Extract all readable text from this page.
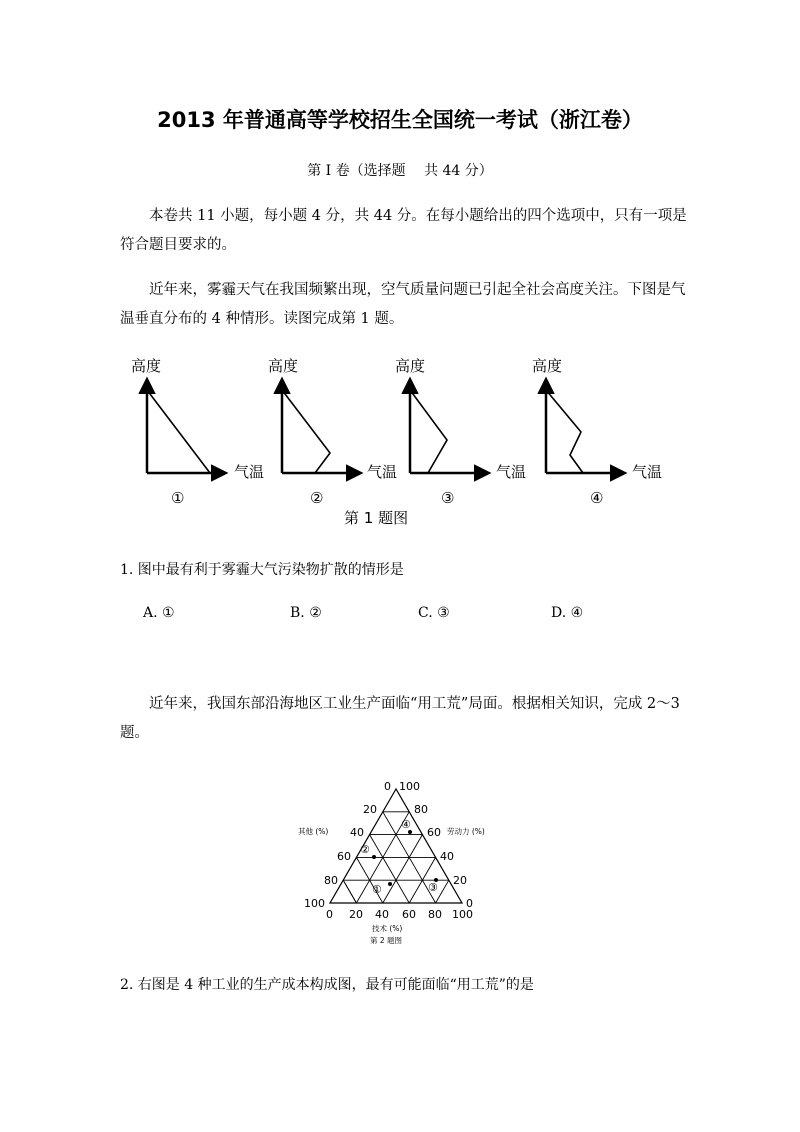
2013 年普通高等学校招生全国统一考试（浙江卷）
第 I 卷（选择题　 共 44 分）
本卷共 11 小题，每小题 4 分，共 44 分。在每小题给出的四个选项中，只有一项是符合题目要求的。
近年来，雾霾天气在我国频繁出现，空气质量问题已引起全社会高度关注。下图是气温垂直分布的 4 种情形。读图完成第 1 题。
高度
气温
①
高度
气温
②
高度
气温
③
高度
气温
④
第 1 题图
1. 图中最有利于雾霾大气污染物扩散的情形是
A. ①	B. ②	C. ③	D. ④
近年来，我国东部沿海地区工业生产面临“用工荒”局面。根据相关知识，完成 2～3 题。
①
②
③
④
0 100
20
40
60
80
100
80
60
40
20
0
0 20 40 60 80 100
其他 (%)	劳动力 (%)
技术 (%)
第 2 题图
2. 右图是 4 种工业的生产成本构成图，最有可能面临“用工荒”的是
